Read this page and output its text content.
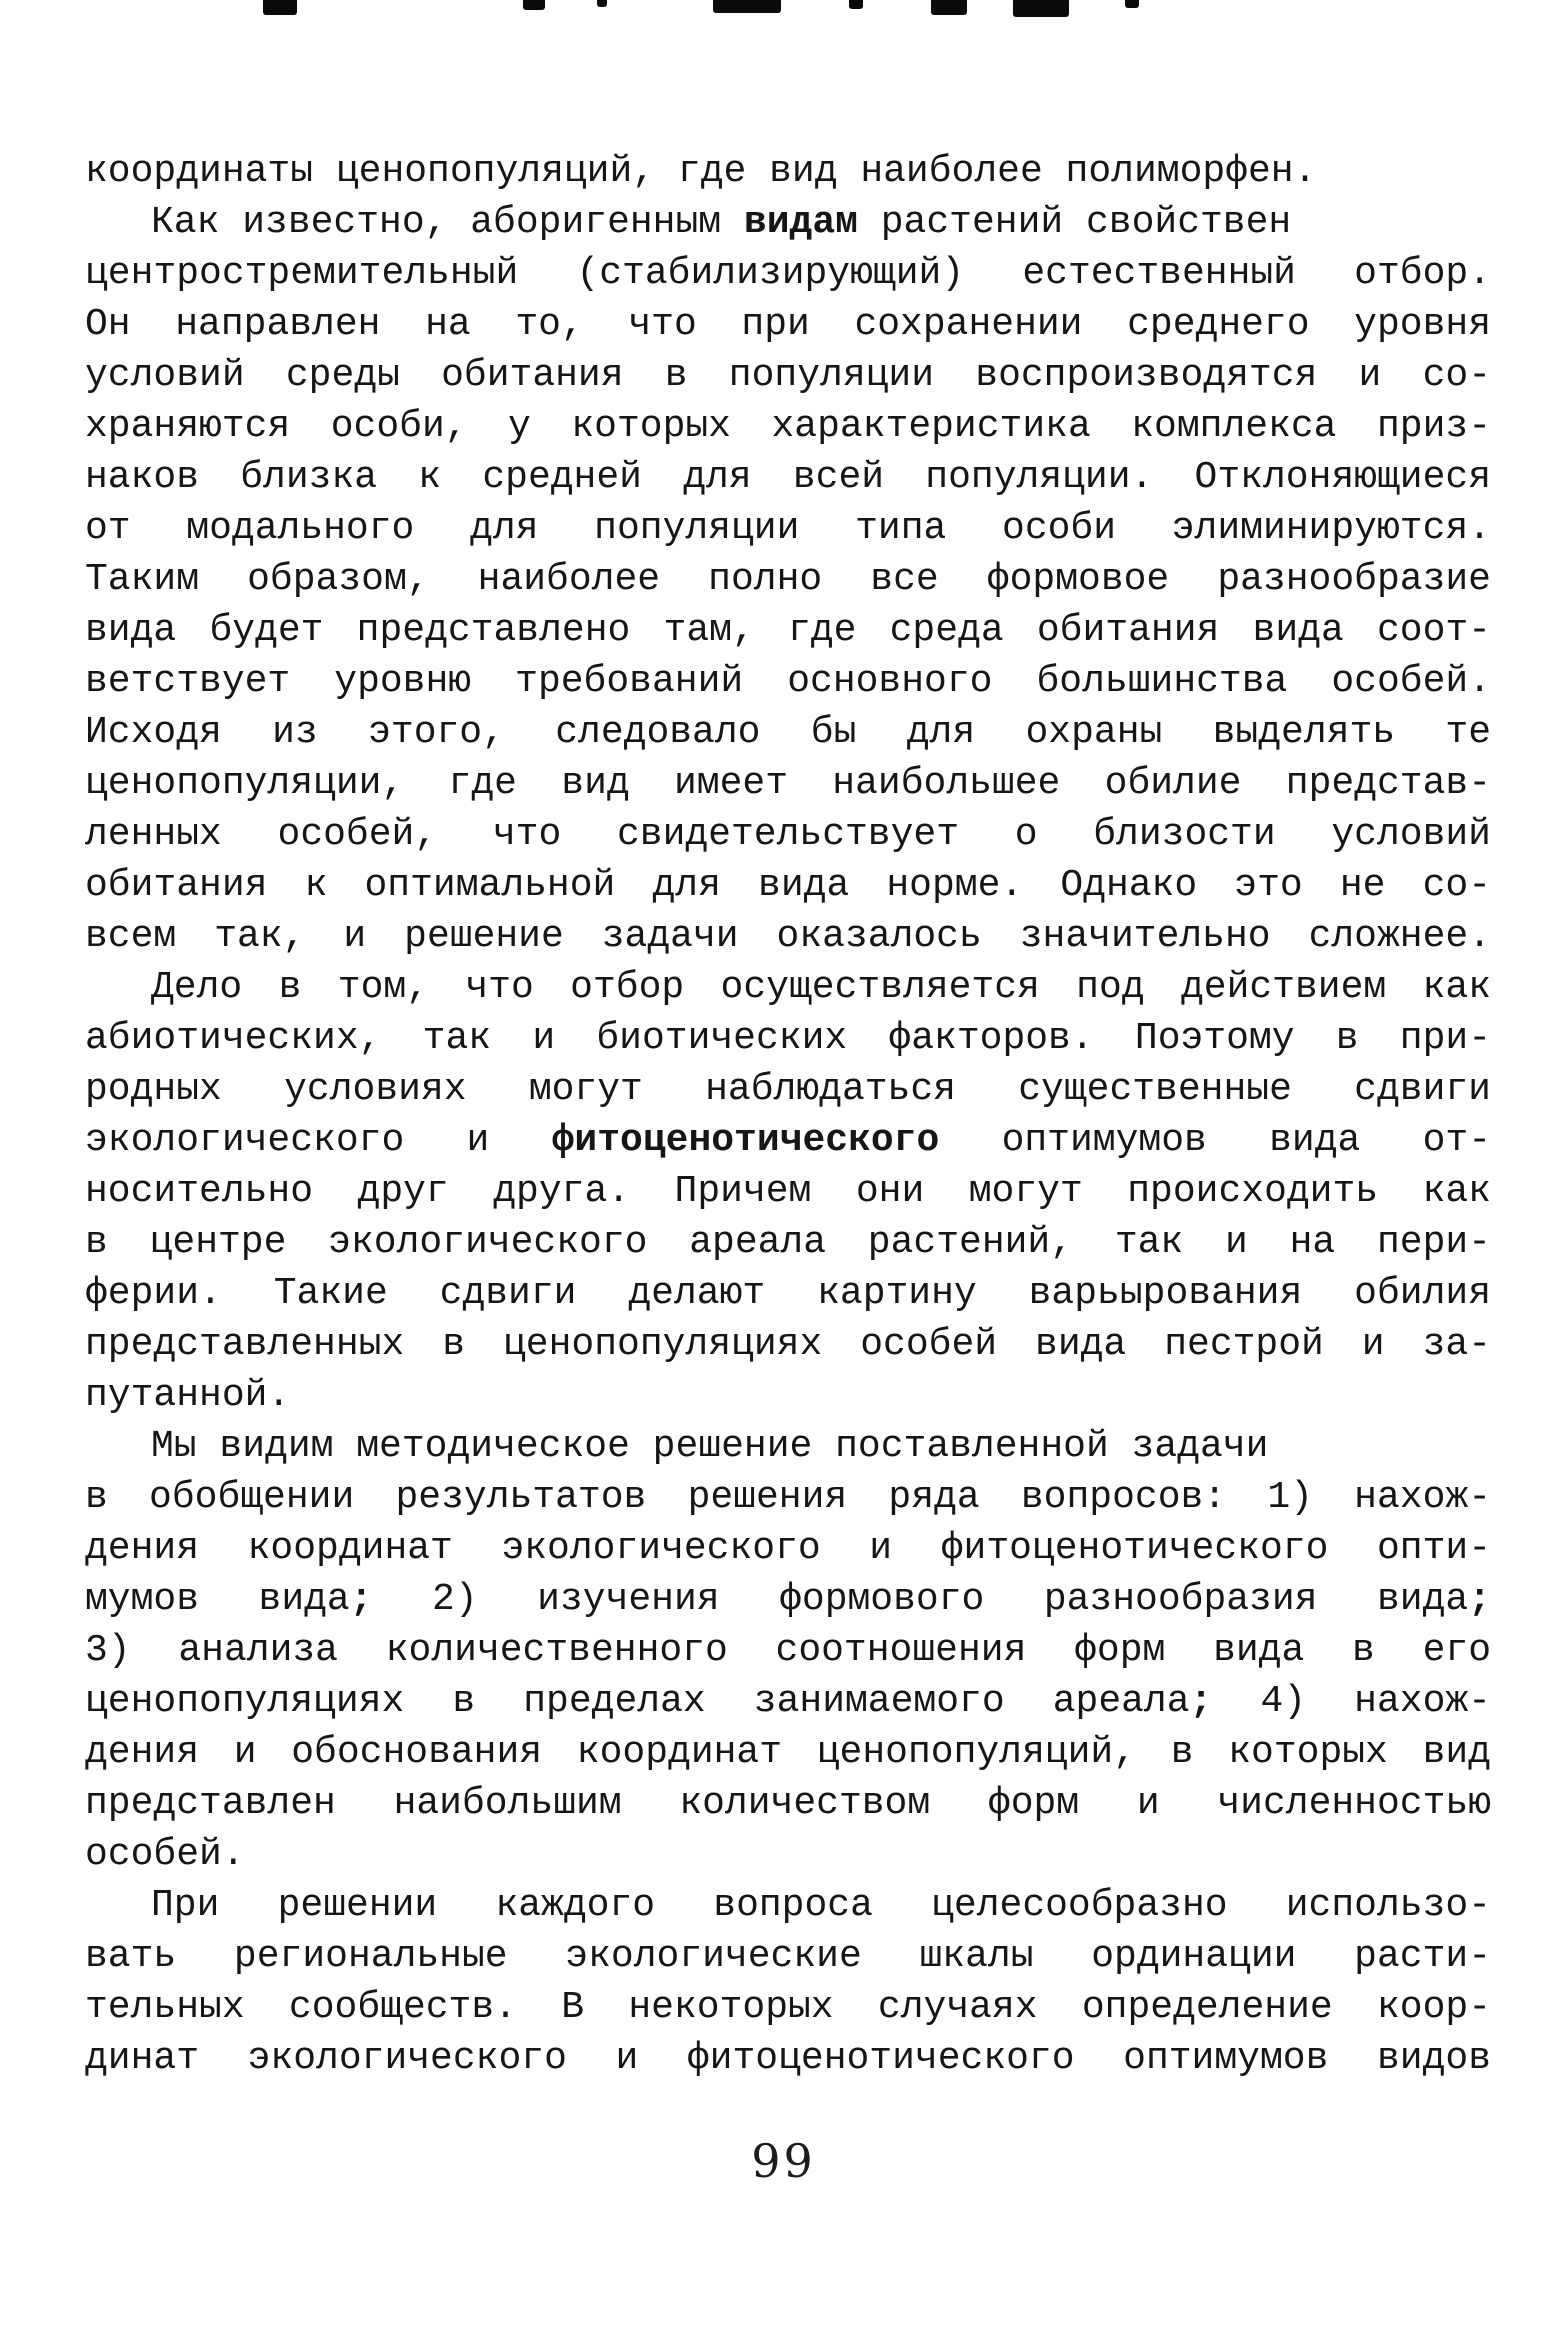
координаты ценопопуляций, где вид наиболее полиморфен.
Как известно, аборигенным видам растений свойствен
центростремительный (стабилизирующий) естественный отбор.
Он направлен на то, что при сохранении среднего уровня
условий среды обитания в популяции воспроизводятся и со-
храняются особи, у которых характеристика комплекса приз-
наков близка к средней для всей популяции. Отклоняющиеся
от модального для популяции типа особи элиминируются.
Таким образом, наиболее полно все формовое разнообразие
вида будет представлено там, где среда обитания вида соот-
ветствует уровню требований основного большинства особей.
Исходя из этого, следовало бы для охраны выделять те
ценопопуляции, где вид имеет наибольшее обилие представ-
ленных особей, что свидетельствует о близости условий
обитания к оптимальной для вида норме. Однако это не со-
всем так, и решение задачи оказалось значительно сложнее.
Дело в том, что отбор осуществляется под действием как
абиотических, так и биотических факторов. Поэтому в при-
родных условиях могут наблюдаться существенные сдвиги
экологического и фитоценотического оптимумов вида от-
носительно друг друга. Причем они могут происходить как
в центре экологического ареала растений, так и на пери-
ферии. Такие сдвиги делают картину варьырования обилия
представленных в ценопопуляциях особей вида пестрой и за-
путанной.
Мы видим методическое решение поставленной задачи
в обобщении результатов решения ряда вопросов: 1) нахож-
дения координат экологического и фитоценотического опти-
мумов вида; 2) изучения формового разнообразия вида;
3) анализа количественного соотношения форм вида в его
ценопопуляциях в пределах занимаемого ареала; 4) нахож-
дения и обоснования координат ценопопуляций, в которых вид
представлен наибольшим количеством форм и численностью
особей.
При решении каждого вопроса целесообразно использо-
вать региональные экологические шкалы ординации расти-
тельных сообществ. В некоторых случаях определение коор-
динат экологического и фитоценотического оптимумов видов
99
